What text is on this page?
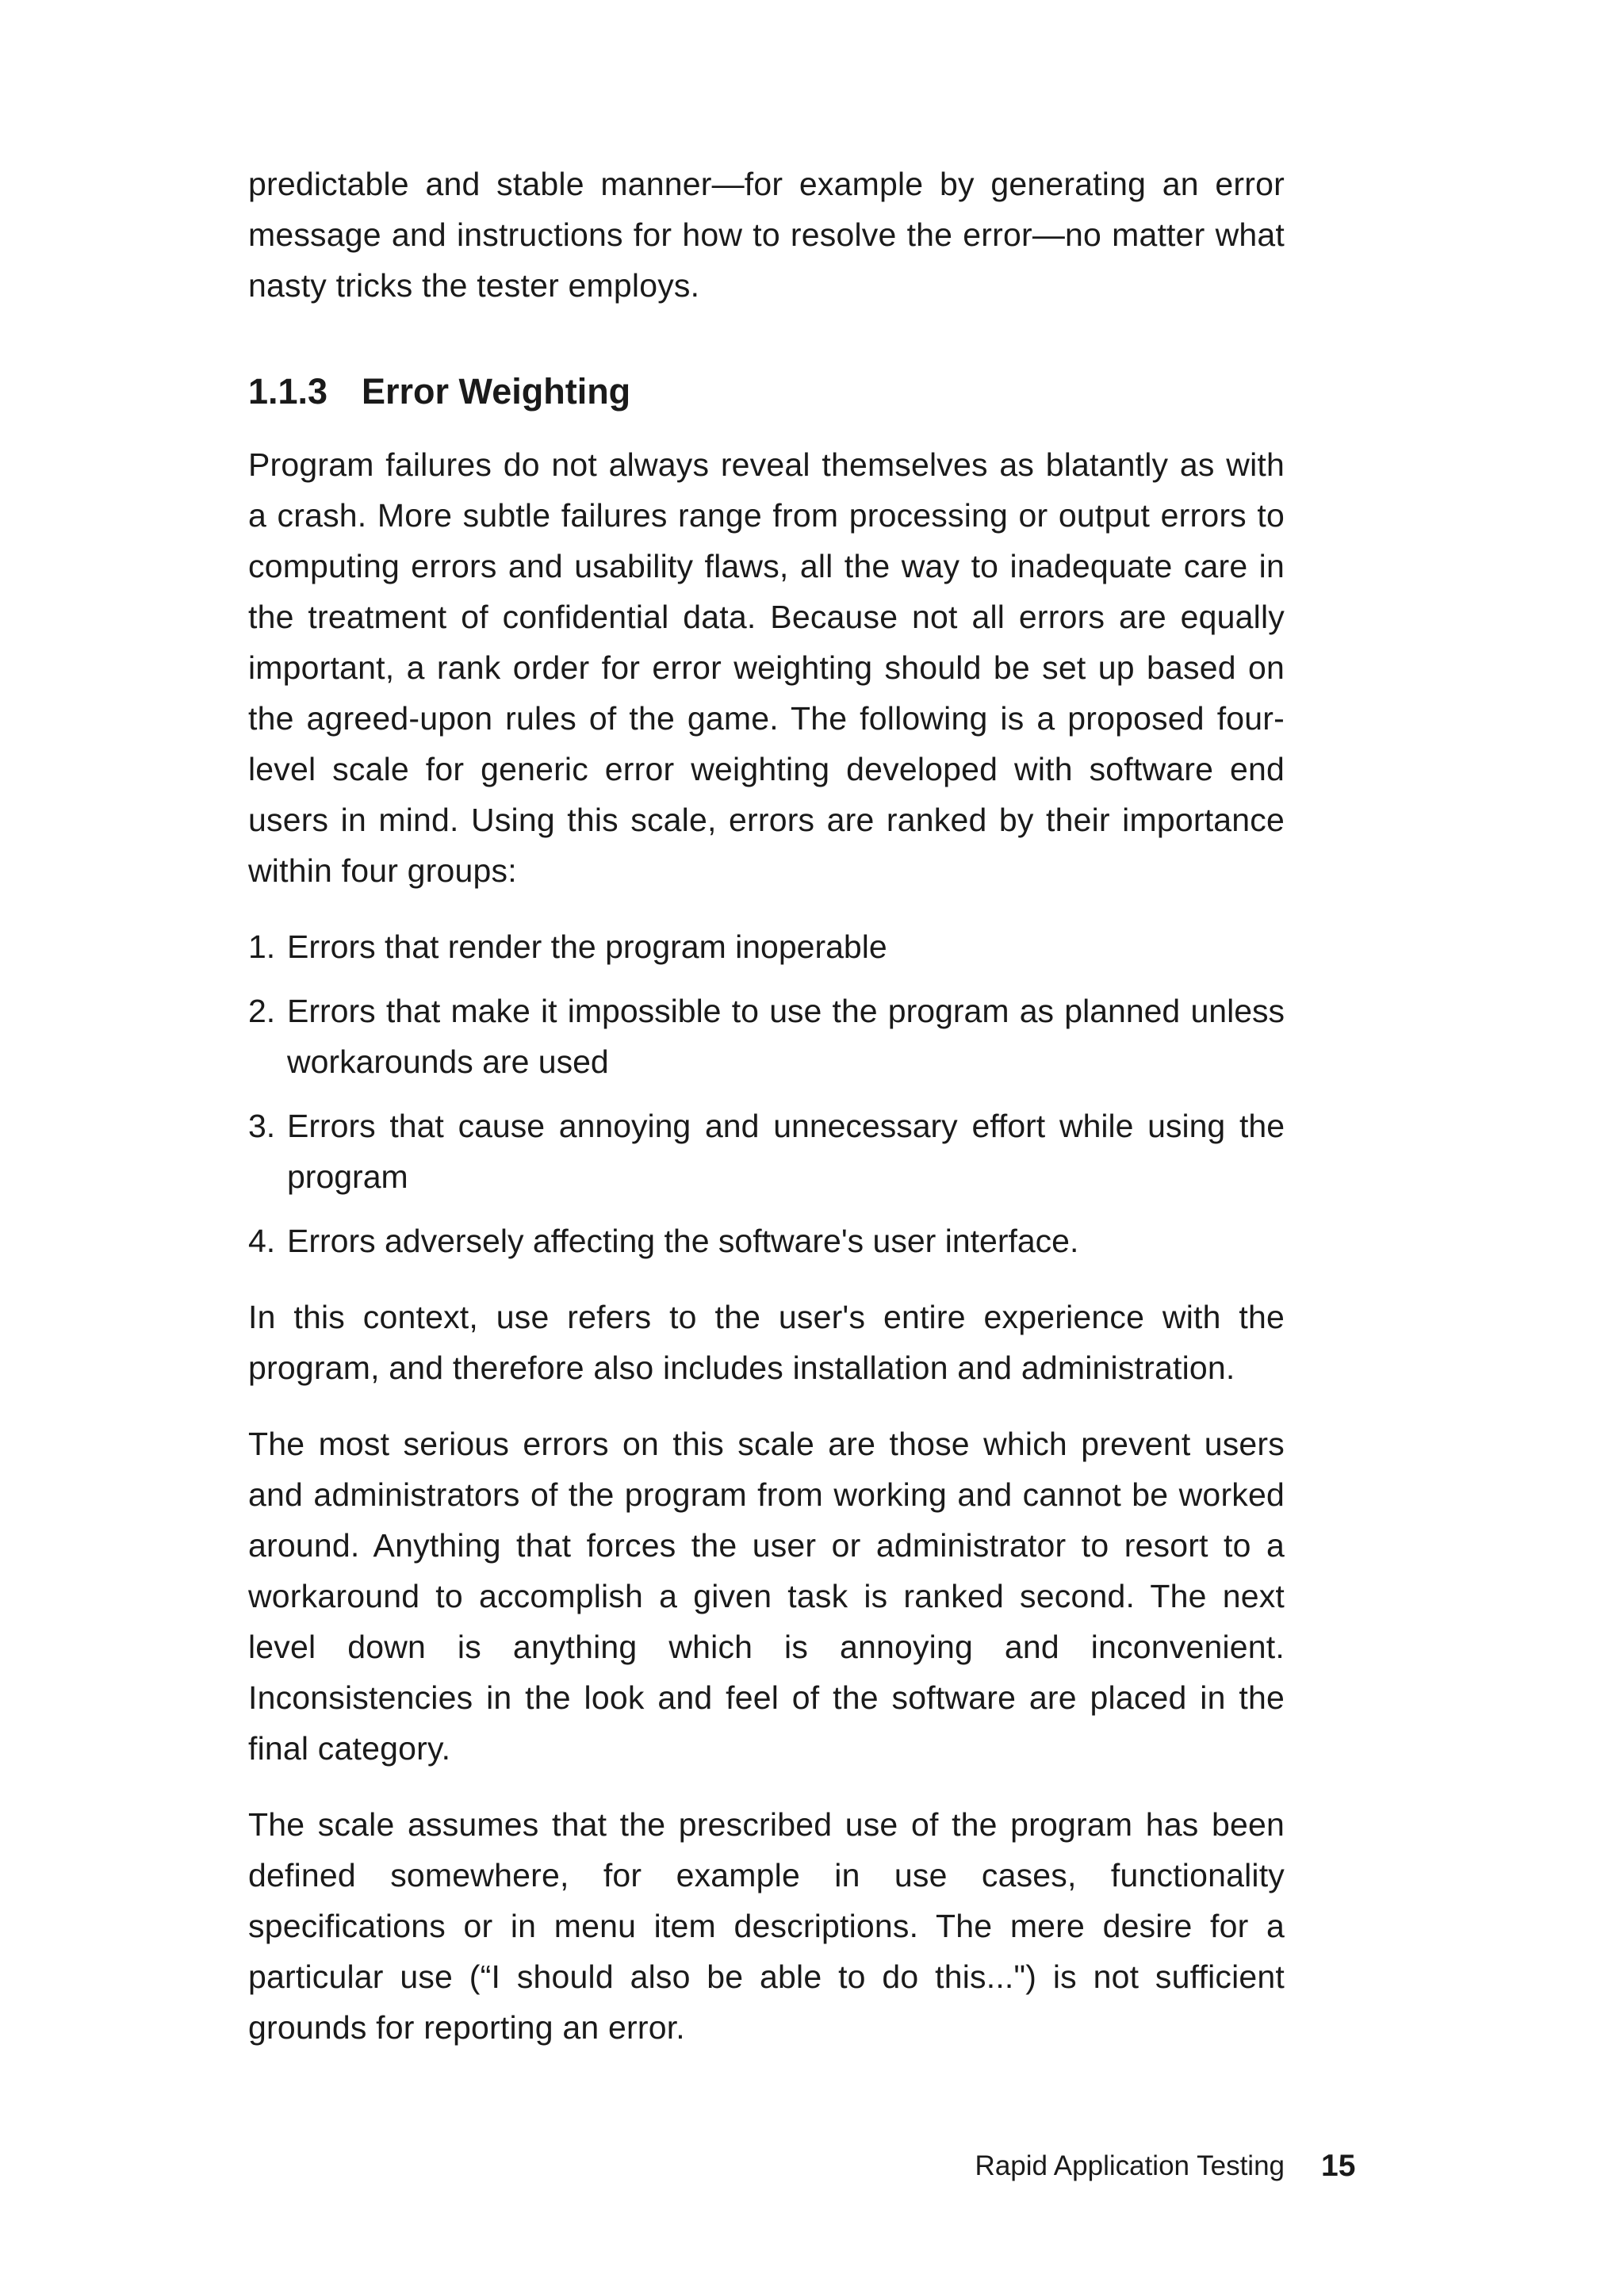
predictable and stable manner—for example by generating an error message and instructions for how to resolve the error—no matter what nasty tricks the tester employs.

1.1.3 Error Weighting

Program failures do not always reveal themselves as blatantly as with a crash. More subtle failures range from processing or output errors to computing errors and usability flaws, all the way to inadequate care in the treatment of confidential data. Because not all errors are equally important, a rank order for error weighting should be set up based on the agreed-upon rules of the game. The following is a proposed four-level scale for generic error weighting developed with software end users in mind. Using this scale, errors are ranked by their importance within four groups:

1. Errors that render the program inoperable
2. Errors that make it impossible to use the program as planned unless workarounds are used
3. Errors that cause annoying and unnecessary effort while using the program
4. Errors adversely affecting the software's user interface.

In this context, use refers to the user's entire experience with the program, and therefore also includes installation and administration.

The most serious errors on this scale are those which prevent users and administrators of the program from working and cannot be worked around. Anything that forces the user or administrator to resort to a workaround to accomplish a given task is ranked second. The next level down is anything which is annoying and inconvenient. Inconsistencies in the look and feel of the software are placed in the final category.

The scale assumes that the prescribed use of the program has been defined somewhere, for example in use cases, functionality specifications or in menu item descriptions. The mere desire for a particular use (“I should also be able to do this...") is not sufficient grounds for reporting an error.

Rapid Application Testing 15
